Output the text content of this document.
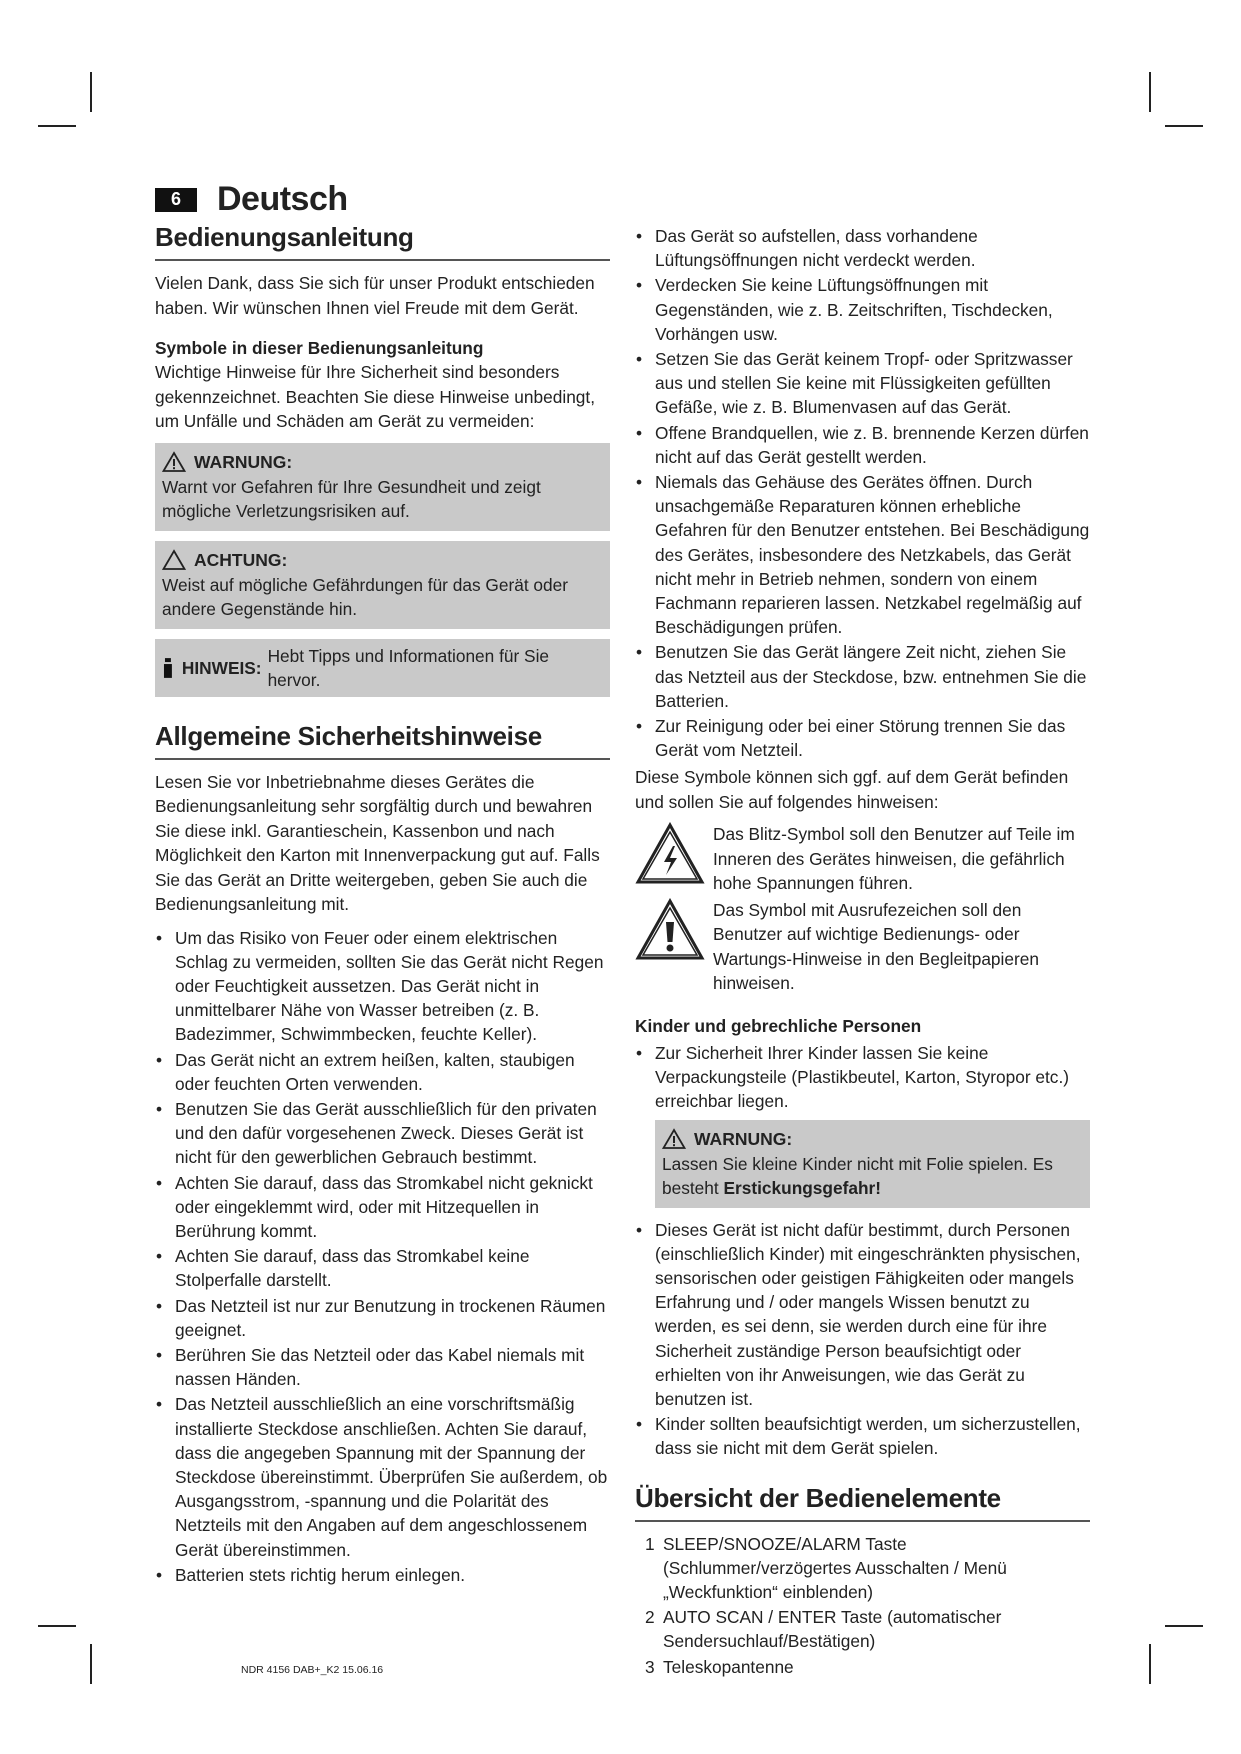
6	Deutsch
Bedienungsanleitung

Vielen Dank, dass Sie sich für unser Produkt entschieden haben. Wir wünschen Ihnen viel Freude mit dem Gerät.

Symbole in dieser Bedienungsanleitung

Wichtige Hinweise für Ihre Sicherheit sind besonders gekennzeichnet. Beachten Sie diese Hinweise unbedingt, um Unfälle und Schäden am Gerät zu vermeiden:

WARNUNG:
Warnt vor Gefahren für Ihre Gesundheit und zeigt mögliche Verletzungsrisiken auf.
ACHTUNG:
Weist auf mögliche Gefährdungen für das Gerät oder andere Gegenstände hin.
HINWEIS:
Hebt Tipps und Informationen für Sie hervor.
Allgemeine Sicherheitshinweise

Lesen Sie vor Inbetriebnahme dieses Gerätes die Bedienungsanleitung sehr sorgfältig durch und bewahren Sie diese inkl. Garantieschein, Kassenbon und nach Möglichkeit den Karton mit Innenverpackung gut auf. Falls Sie das Gerät an Dritte weitergeben, geben Sie auch die Bedienungsanleitung mit.

• Um das Risiko von Feuer oder einem elektrischen Schlag zu vermeiden, sollten Sie das Gerät nicht Regen oder Feuchtigkeit aussetzen. Das Gerät nicht in unmittelbarer Nähe von Wasser betreiben (z. B. Badezimmer, Schwimmbecken, feuchte Keller).
• Das Gerät nicht an extrem heißen, kalten, staubigen oder feuchten Orten verwenden.
• Benutzen Sie das Gerät ausschließlich für den privaten und den dafür vorgesehenen Zweck. Dieses Gerät ist nicht für den gewerblichen Gebrauch bestimmt.
• Achten Sie darauf, dass das Stromkabel nicht geknickt oder eingeklemmt wird, oder mit Hitzequellen in Berührung kommt.
• Achten Sie darauf, dass das Stromkabel keine Stolperfalle darstellt.
• Das Netzteil ist nur zur Benutzung in trockenen Räumen geeignet.
• Berühren Sie das Netzteil oder das Kabel niemals mit nassen Händen.
• Das Netzteil ausschließlich an eine vorschriftsmäßig installierte Steckdose anschließen. Achten Sie darauf, dass die angegeben Spannung mit der Spannung der Steckdose übereinstimmt. Überprüfen Sie außerdem, ob Ausgangsstrom, -spannung und die Polarität des Netzteils mit den Angaben auf dem angeschlossenem Gerät übereinstimmen.
• Batterien stets richtig herum einlegen.
• Das Gerät so aufstellen, dass vorhandene Lüftungsöffnungen nicht verdeckt werden.
• Verdecken Sie keine Lüftungsöffnungen mit Gegenständen, wie z. B. Zeitschriften, Tischdecken, Vorhängen usw.
• Setzen Sie das Gerät keinem Tropf- oder Spritzwasser aus und stellen Sie keine mit Flüssigkeiten gefüllten Gefäße, wie z. B. Blumenvasen auf das Gerät.
• Offene Brandquellen, wie z. B. brennende Kerzen dürfen nicht auf das Gerät gestellt werden.
• Niemals das Gehäuse des Gerätes öffnen. Durch unsachgemäße Reparaturen können erhebliche Gefahren für den Benutzer entstehen. Bei Beschädigung des Gerätes, insbesondere des Netzkabels, das Gerät nicht mehr in Betrieb nehmen, sondern von einem Fachmann reparieren lassen. Netzkabel regelmäßig auf Beschädigungen prüfen.
• Benutzen Sie das Gerät längere Zeit nicht, ziehen Sie das Netzteil aus der Steckdose, bzw. entnehmen Sie die Batterien.
• Zur Reinigung oder bei einer Störung trennen Sie das Gerät vom Netzteil.

Diese Symbole können sich ggf. auf dem Gerät befinden und sollen Sie auf folgendes hinweisen:

Das Blitz-Symbol soll den Benutzer auf Teile im Inneren des Gerätes hinweisen, die gefährlich hohe Spannungen führen.

Das Symbol mit Ausrufezeichen soll den Benutzer auf wichtige Bedienungs- oder Wartungs-Hinweise in den Begleitpapieren hinweisen.

Kinder und gebrechliche Personen
• Zur Sicherheit Ihrer Kinder lassen Sie keine Verpackungsteile (Plastikbeutel, Karton, Styropor etc.) erreichbar liegen.
WARNUNG:
Lassen Sie kleine Kinder nicht mit Folie spielen. Es besteht Erstickungsgefahr!
• Dieses Gerät ist nicht dafür bestimmt, durch Personen (einschließlich Kinder) mit eingeschränkten physischen, sensorischen oder geistigen Fähigkeiten oder mangels Erfahrung und / oder mangels Wissen benutzt zu werden, es sei denn, sie werden durch eine für ihre Sicherheit zuständige Person beaufsichtigt oder erhielten von ihr Anweisungen, wie das Gerät zu benutzen ist.
• Kinder sollten beaufsichtigt werden, um sicherzustellen, dass sie nicht mit dem Gerät spielen.
Übersicht der Bedienelemente
1 SLEEP/SNOOZE/ALARM Taste (Schlummer/verzögertes Ausschalten / Menü „Weckfunktion“ einblenden)
2 AUTO SCAN / ENTER Taste (automatischer Sendersuchlauf/Bestätigen)
3 Teleskopantenne
NDR 4156 DAB+_K2 15.06.16
